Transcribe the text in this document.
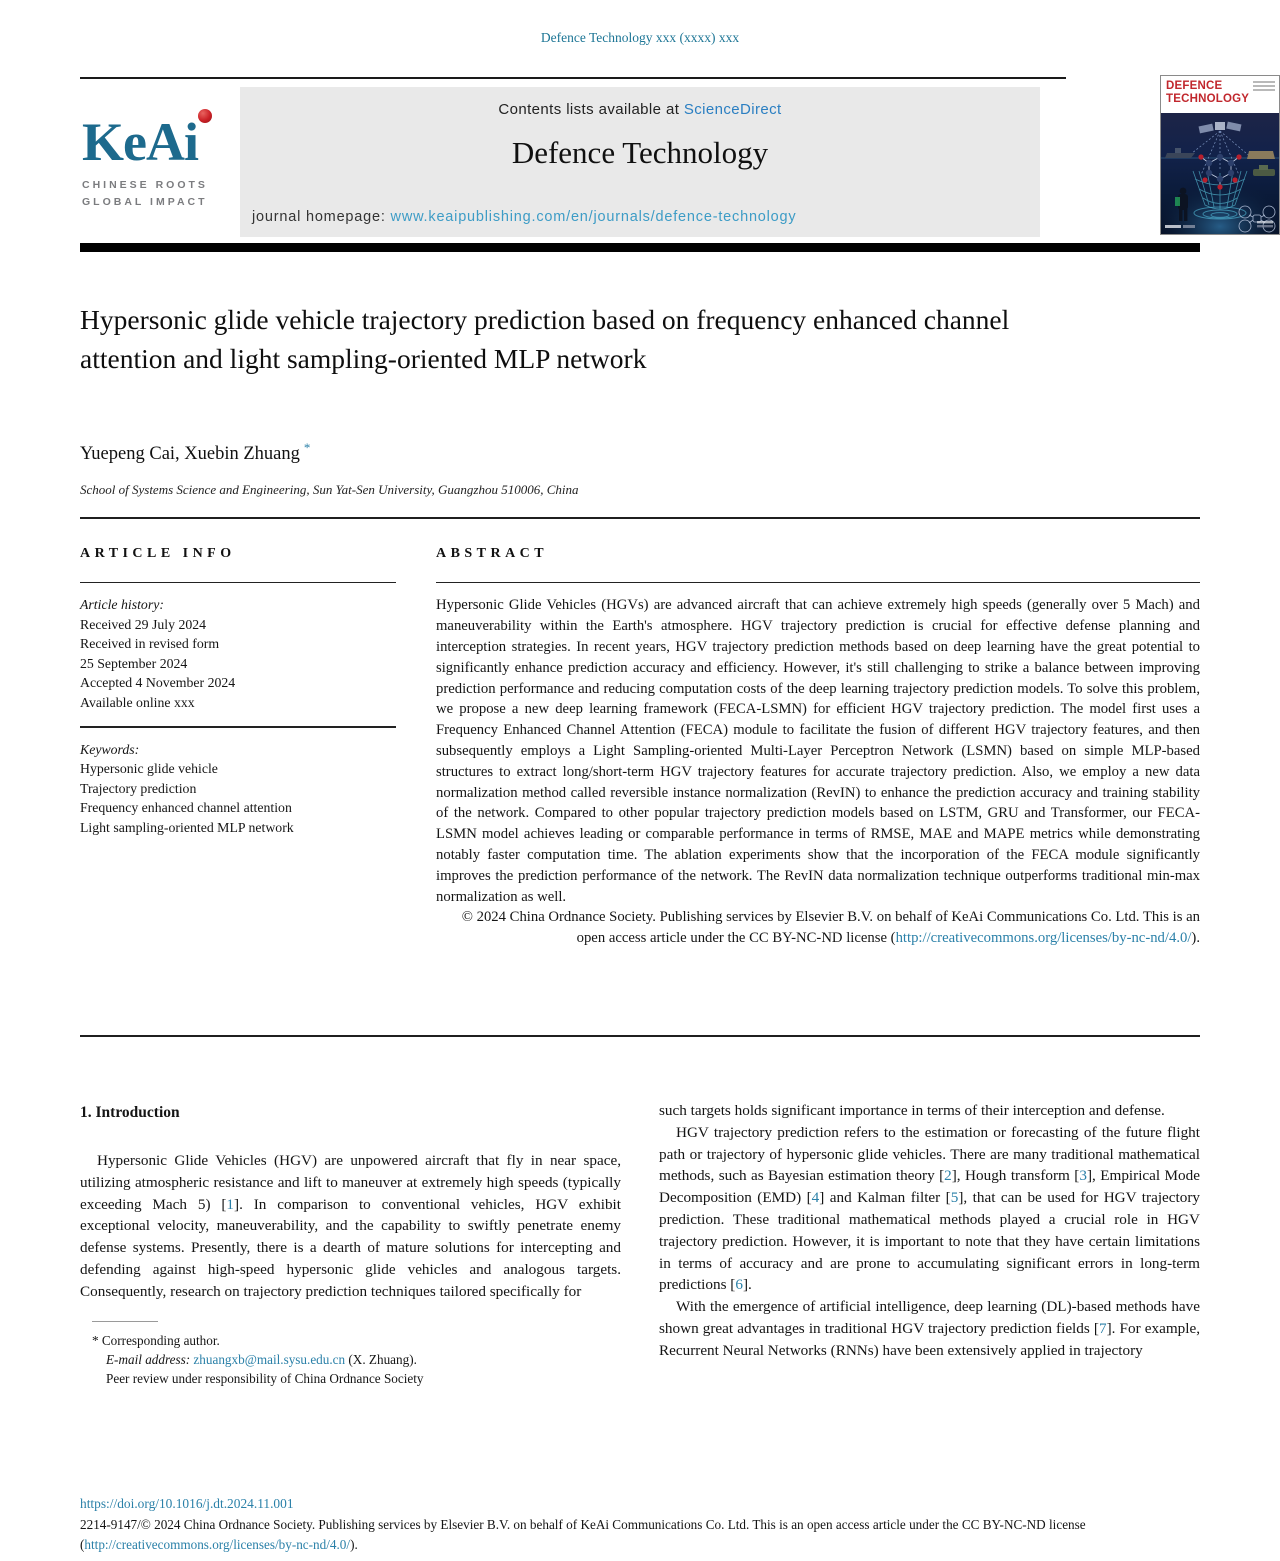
Defence Technology xxx (xxxx) xxx
KeAi
CHINESE ROOTS
GLOBAL IMPACT
Contents lists available at ScienceDirect
Defence Technology
journal homepage: www.keaipublishing.com/en/journals/defence-technology
DEFENCE
TECHNOLOGY
Hypersonic glide vehicle trajectory prediction based on frequency enhanced channel attention and light sampling-oriented MLP network
Yuepeng Cai, Xuebin Zhuang *
School of Systems Science and Engineering, Sun Yat-Sen University, Guangzhou 510006, China
ARTICLE INFO
Article history:
Received 29 July 2024
Received in revised form
25 September 2024
Accepted 4 November 2024
Available online xxx
Keywords:
Hypersonic glide vehicle
Trajectory prediction
Frequency enhanced channel attention
Light sampling-oriented MLP network
ABSTRACT
Hypersonic Glide Vehicles (HGVs) are advanced aircraft that can achieve extremely high speeds (generally over 5 Mach) and maneuverability within the Earth's atmosphere. HGV trajectory prediction is crucial for effective defense planning and interception strategies. In recent years, HGV trajectory prediction methods based on deep learning have the great potential to significantly enhance prediction accuracy and efficiency. However, it's still challenging to strike a balance between improving prediction performance and reducing computation costs of the deep learning trajectory prediction models. To solve this problem, we propose a new deep learning framework (FECA-LSMN) for efficient HGV trajectory prediction. The model first uses a Frequency Enhanced Channel Attention (FECA) module to facilitate the fusion of different HGV trajectory features, and then subsequently employs a Light Sampling-oriented Multi-Layer Perceptron Network (LSMN) based on simple MLP-based structures to extract long/short-term HGV trajectory features for accurate trajectory prediction. Also, we employ a new data normalization method called reversible instance normalization (RevIN) to enhance the prediction accuracy and training stability of the network. Compared to other popular trajectory prediction models based on LSTM, GRU and Transformer, our FECA-LSMN model achieves leading or comparable performance in terms of RMSE, MAE and MAPE metrics while demonstrating notably faster computation time. The ablation experiments show that the incorporation of the FECA module significantly improves the prediction performance of the network. The RevIN data normalization technique outperforms traditional min-max normalization as well.
© 2024 China Ordnance Society. Publishing services by Elsevier B.V. on behalf of KeAi Communications Co. Ltd. This is an open access article under the CC BY-NC-ND license (http://creativecommons.org/licenses/by-nc-nd/4.0/).
1. Introduction

Hypersonic Glide Vehicles (HGV) are unpowered aircraft that fly in near space, utilizing atmospheric resistance and lift to maneuver at extremely high speeds (typically exceeding Mach 5) [1]. In comparison to conventional vehicles, HGV exhibit exceptional velocity, maneuverability, and the capability to swiftly penetrate enemy defense systems. Presently, there is a dearth of mature solutions for intercepting and defending against high-speed hypersonic glide vehicles and analogous targets. Consequently, research on trajectory prediction techniques tailored specifically for

* Corresponding author.
E-mail address: zhuangxb@mail.sysu.edu.cn (X. Zhuang).
Peer review under responsibility of China Ordnance Society

such targets holds significant importance in terms of their interception and defense.

HGV trajectory prediction refers to the estimation or forecasting of the future flight path or trajectory of hypersonic glide vehicles. There are many traditional mathematical methods, such as Bayesian estimation theory [2], Hough transform [3], Empirical Mode Decomposition (EMD) [4] and Kalman filter [5], that can be used for HGV trajectory prediction. These traditional mathematical methods played a crucial role in HGV trajectory prediction. However, it is important to note that they have certain limitations in terms of accuracy and are prone to accumulating significant errors in long-term predictions [6].

With the emergence of artificial intelligence, deep learning (DL)-based methods have shown great advantages in traditional HGV trajectory prediction fields [7]. For example, Recurrent Neural Networks (RNNs) have been extensively applied in trajectory

https://doi.org/10.1016/j.dt.2024.11.001
2214-9147/© 2024 China Ordnance Society. Publishing services by Elsevier B.V. on behalf of KeAi Communications Co. Ltd. This is an open access article under the CC BY-NC-ND license (http://creativecommons.org/licenses/by-nc-nd/4.0/).
